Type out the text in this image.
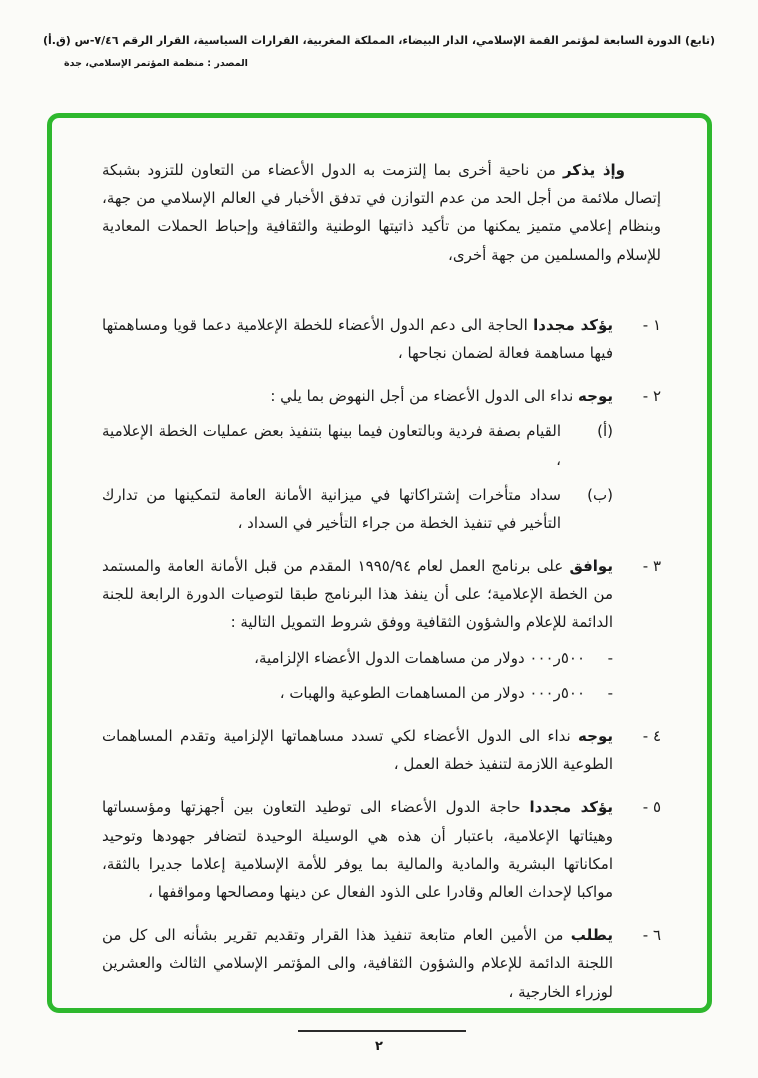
(تابع) الدورة السابعة لمؤتمر القمة الإسلامي، الدار البيضاء، المملكة المغربية، القرارات السياسية، القرار الرقم ٧/٤٦-س (ق.أ)
المصدر : منظمة المؤتمر الإسلامي، جدة

وإذ يذكر من ناحية أخرى بما إلتزمت به الدول الأعضاء من التعاون للتزود بشبكة إتصال ملائمة من أجل الحد من عدم التوازن في تدفق الأخبار في العالم الإسلامي من جهة، وبنظام إعلامي متميز يمكنها من تأكيد ذاتيتها الوطنية والثقافية وإحباط الحملات المعادية للإسلام والمسلمين من جهة أخرى،

١ -

يؤكد مجددا الحاجة الى دعم الدول الأعضاء للخطة الإعلامية دعما قويا ومساهمتها فيها مساهمة فعالة لضمان نجاحها ،

٢ -

يوجه نداء الى الدول الأعضاء من أجل النهوض بما يلي :

(أ)

القيام بصفة فردية وبالتعاون فيما بينها بتنفيذ بعض عمليات الخطة الإعلامية ،

(ب)

سداد متأخرات إشتراكاتها في ميزانية الأمانة العامة لتمكينها من تدارك التأخير في تنفيذ الخطة من جراء التأخير في السداد ،

٣ -

يوافق على برنامج العمل لعام ١٩٩٥/٩٤ المقدم من قبل الأمانة العامة والمستمد من الخطة الإعلامية؛ على أن ينفذ هذا البرنامج طبقا لتوصيات الدورة الرابعة للجنة الدائمة للإعلام والشؤون الثقافية ووفق شروط التمويل التالية :

-

٥٠٠ر٠٠٠ دولار من مساهمات الدول الأعضاء الإلزامية،

-

٥٠٠ر٠٠٠ دولار من المساهمات الطوعية والهبات ،

٤ -

يوجه نداء الى الدول الأعضاء لكي تسدد مساهماتها الإلزامية وتقدم المساهمات الطوعية اللازمة لتنفيذ خطة العمل ،

٥ -

يؤكد مجددا حاجة الدول الأعضاء الى توطيد التعاون بين أجهزتها ومؤسساتها وهيئاتها الإعلامية، باعتبار أن هذه هي الوسيلة الوحيدة لتضافر جهودها وتوحيد امكاناتها البشرية والمادية والمالية بما يوفر للأمة الإسلامية إعلاما جديرا بالثقة، مواكبا لإحداث العالم وقادرا على الذود الفعال عن دينها ومصالحها ومواقفها ،

٦ -

يطلب من الأمين العام متابعة تنفيذ هذا القرار وتقديم تقرير بشأنه الى كل من اللجنة الدائمة للإعلام والشؤون الثقافية، والى المؤتمر الإسلامي الثالث والعشرين لوزراء الخارجية ،

٢
